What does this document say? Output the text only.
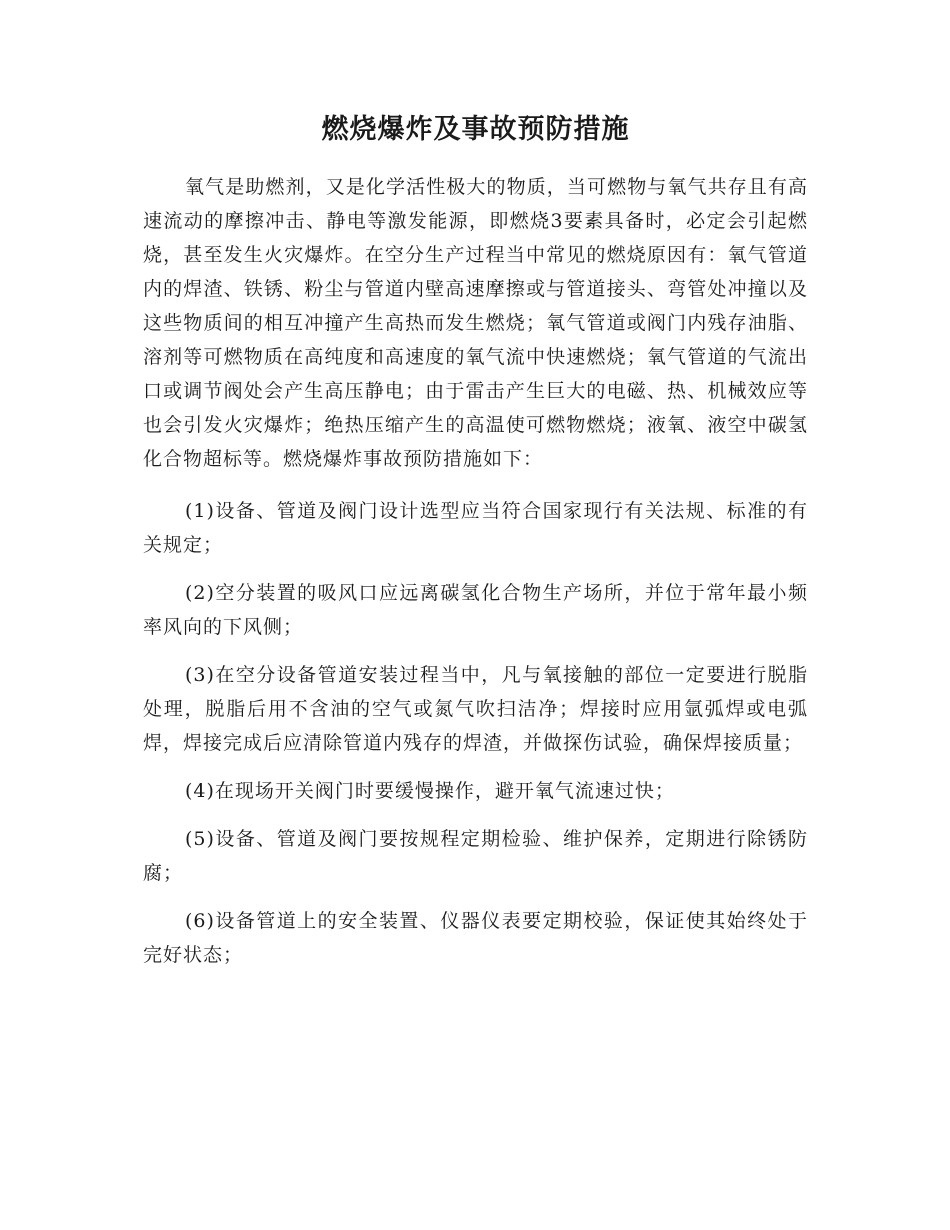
燃烧爆炸及事故预防措施

氧气是助燃剂，又是化学活性极大的物质，当可燃物与氧气共存且有高速流动的摩擦冲击、静电等激发能源，即燃烧3要素具备时，必定会引起燃烧，甚至发生火灾爆炸。在空分生产过程当中常见的燃烧原因有：氧气管道内的焊渣、铁锈、粉尘与管道内壁高速摩擦或与管道接头、弯管处冲撞以及这些物质间的相互冲撞产生高热而发生燃烧；氧气管道或阀门内残存油脂、溶剂等可燃物质在高纯度和高速度的氧气流中快速燃烧；氧气管道的气流出口或调节阀处会产生高压静电；由于雷击产生巨大的电磁、热、机械效应等也会引发火灾爆炸；绝热压缩产生的高温使可燃物燃烧；液氧、液空中碳氢化合物超标等。燃烧爆炸事故预防措施如下：

(1)设备、管道及阀门设计选型应当符合国家现行有关法规、标准的有关规定；

(2)空分装置的吸风口应远离碳氢化合物生产场所，并位于常年最小频率风向的下风侧；

(3)在空分设备管道安装过程当中，凡与氧接触的部位一定要进行脱脂处理，脱脂后用不含油的空气或氮气吹扫洁净；焊接时应用氩弧焊或电弧焊，焊接完成后应清除管道内残存的焊渣，并做探伤试验，确保焊接质量；

(4)在现场开关阀门时要缓慢操作，避开氧气流速过快；

(5)设备、管道及阀门要按规程定期检验、维护保养，定期进行除锈防腐；

(6)设备管道上的安全装置、仪器仪表要定期校验，保证使其始终处于完好状态；
